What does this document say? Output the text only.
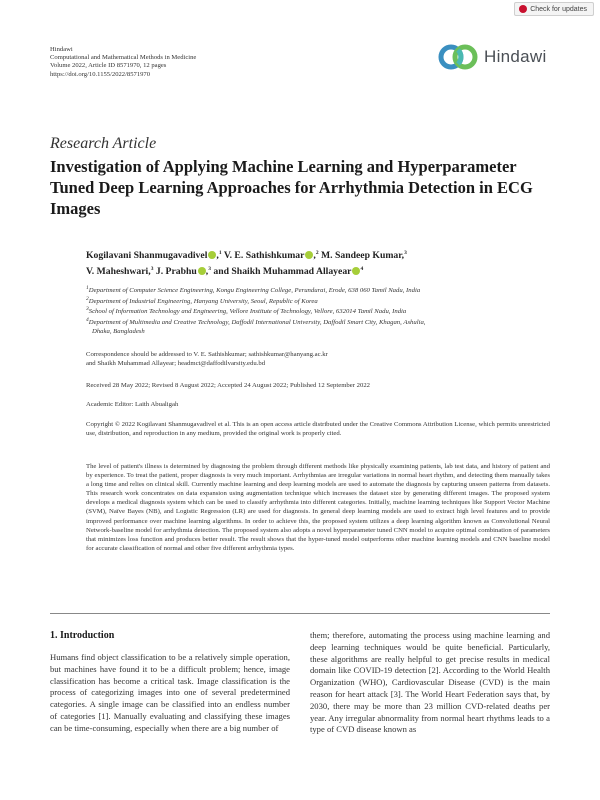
Check for updates
Hindawi
Computational and Mathematical Methods in Medicine
Volume 2022, Article ID 8571970, 12 pages
https://doi.org/10.1155/2022/8571970
Hindawi
Research Article
Investigation of Applying Machine Learning and Hyperparameter Tuned Deep Learning Approaches for Arrhythmia Detection in ECG Images
Kogilavani Shanmugavadivel ,$^1$ V. E. Sathishkumar ,$^2$ M. Sandeep Kumar,$^3$
V. Maheshwari,$^3$ J. Prabhu ,$^3$ and Shaikh Muhammad Allayear $^4$

$^1$Department of Computer Science Engineering, Kongu Engineering College, Perundurai, Erode, 638 060 Tamil Nadu, India

$^2$Department of Industrial Engineering, Hanyang University, Seoul, Republic of Korea

$^3$School of Information Technology and Engineering, Vellore Institute of Technology, Vellore, 632014 Tamil Nadu, India

$^4$Department of Multimedia and Creative Technology, Daffodil International University, Daffodil Smart City, Khagan, Ashulia,
Dhaka, Bangladesh

Correspondence should be addressed to V. E. Sathishkumar; sathishkumar@hanyang.ac.kr
and Shaikh Muhammad Allayear; headmct@daffodilvarsity.edu.bd
Received 28 May 2022; Revised 8 August 2022; Accepted 24 August 2022; Published 12 September 2022
Academic Editor: Laith Abualigah
Copyright © 2022 Kogilavani Shanmugavadivel et al. This is an open access article distributed under the Creative Commons Attribution License, which permits unrestricted use, distribution, and reproduction in any medium, provided the original work is properly cited.
The level of patient's illness is determined by diagnosing the problem through different methods like physically examining patients, lab test data, and history of patient and by experience. To treat the patient, proper diagnosis is very much important. Arrhythmias are irregular variations in normal heart rhythm, and detecting them manually takes a long time and relies on clinical skill. Currently machine learning and deep learning models are used to automate the diagnosis by capturing unseen patterns from datasets. This research work concentrates on data expansion using augmentation technique which increases the dataset size by generating different images. The proposed system develops a medical diagnosis system which can be used to classify arrhythmia into different categories. Initially, machine learning techniques like Support Vector Machine (SVM), Naïve Bayes (NB), and Logistic Regression (LR) are used for diagnosis. In general deep learning models are used to extract high level features and to provide improved performance over machine learning algorithms. In order to achieve this, the proposed system utilizes a deep learning algorithm known as Convolutional Neural Network-baseline model for arrhythmia detection. The proposed system also adopts a novel hyperparameter tuned CNN model to acquire optimal combination of parameters that minimizes loss function and produces better result. The result shows that the hyper-tuned model outperforms other machine learning models and CNN baseline model for accurate classification of normal and other five different arrhythmia types.
1. Introduction
Humans find object classification to be a relatively simple operation, but machines have found it to be a difficult problem; hence, image classification has become a critical task. Image classification is the process of categorizing images into one of several predetermined categories. A single image can be classified into an endless number of categories [1]. Manually evaluating and classifying these images can be time-consuming, especially when there are a big number of
them; therefore, automating the process using machine learning and deep learning techniques would be quite beneficial. Particularly, these algorithms are really helpful to get precise results in medical domain like COVID-19 detection [2]. According to the World Health Organization (WHO), Cardiovascular Disease (CVD) is the main reason for heart attack [3]. The World Heart Federation says that, by 2030, there may be more than 23 million CVD-related deaths per year. Any irregular abnormality from normal heart rhythms leads to a type of CVD disease known as
